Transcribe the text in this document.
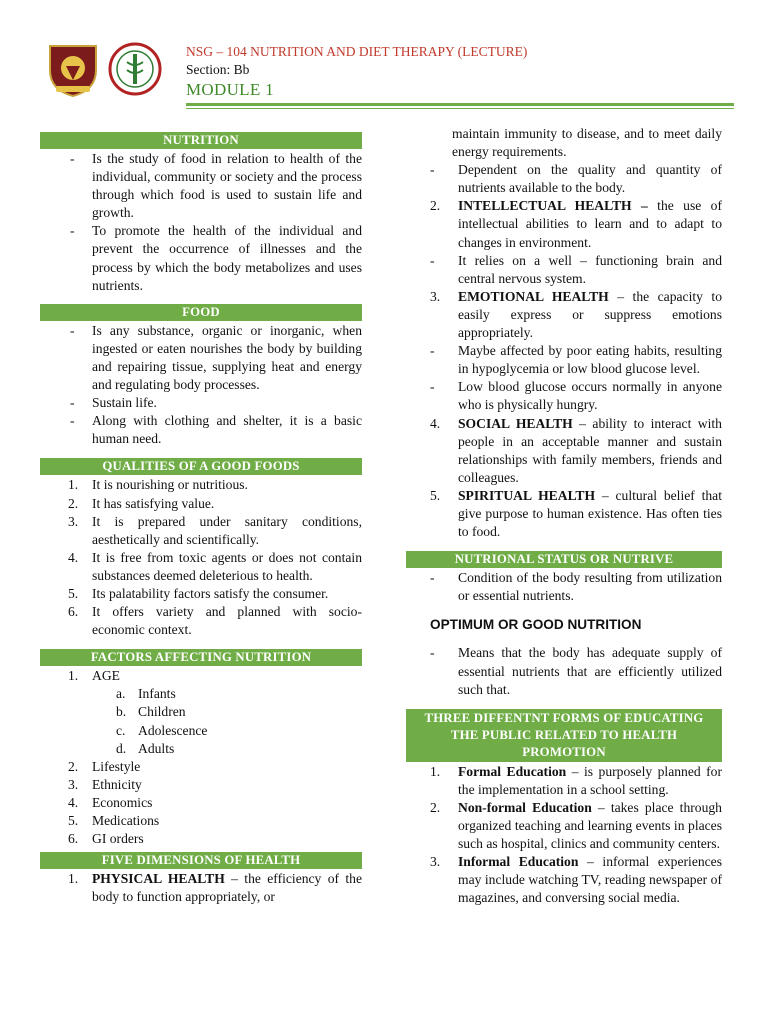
NSG – 104 NUTRITION AND DIET THERAPY (LECTURE)
Section: Bb
MODULE 1
NUTRITION
- Is the study of food in relation to health of the individual, community or society and the process through which food is used to sustain life and growth.
- To promote the health of the individual and prevent the occurrence of illnesses and the process by which the body metabolizes and uses nutrients.
FOOD
- Is any substance, organic or inorganic, when ingested or eaten nourishes the body by building and repairing tissue, supplying heat and energy and regulating body processes.
- Sustain life.
- Along with clothing and shelter, it is a basic human need.
QUALITIES OF A GOOD FOODS
1. It is nourishing or nutritious.
2. It has satisfying value.
3. It is prepared under sanitary conditions, aesthetically and scientifically.
4. It is free from toxic agents or does not contain substances deemed deleterious to health.
5. Its palatability factors satisfy the consumer.
6. It offers variety and planned with socio-economic context.
FACTORS AFFECTING NUTRITION
1. AGE
a. Infants
b. Children
c. Adolescence
d. Adults
2. Lifestyle
3. Ethnicity
4. Economics
5. Medications
6. GI orders
FIVE DIMENSIONS OF HEALTH
1. PHYSICAL HEALTH – the efficiency of the body to function appropriately, or
maintain immunity to disease, and to meet daily energy requirements.
- Dependent on the quality and quantity of nutrients available to the body.
2. INTELLECTUAL HEALTH – the use of intellectual abilities to learn and to adapt to changes in environment.
- It relies on a well – functioning brain and central nervous system.
3. EMOTIONAL HEALTH – the capacity to easily express or suppress emotions appropriately.
- Maybe affected by poor eating habits, resulting in hypoglycemia or low blood glucose level.
- Low blood glucose occurs normally in anyone who is physically hungry.
4. SOCIAL HEALTH – ability to interact with people in an acceptable manner and sustain relationships with family members, friends and colleagues.
5. SPIRITUAL HEALTH – cultural belief that give purpose to human existence. Has often ties to food.
NUTRIONAL STATUS OR NUTRIVE
- Condition of the body resulting from utilization or essential nutrients.
OPTIMUM OR GOOD NUTRITION
- Means that the body has adequate supply of essential nutrients that are efficiently utilized such that.
THREE DIFFENTNT FORMS OF EDUCATING THE PUBLIC RELATED TO HEALTH PROMOTION
1. Formal Education – is purposely planned for the implementation in a school setting.
2. Non-formal Education – takes place through organized teaching and learning events in places such as hospital, clinics and community centers.
3. Informal Education – informal experiences may include watching TV, reading newspaper of magazines, and conversing social media.
